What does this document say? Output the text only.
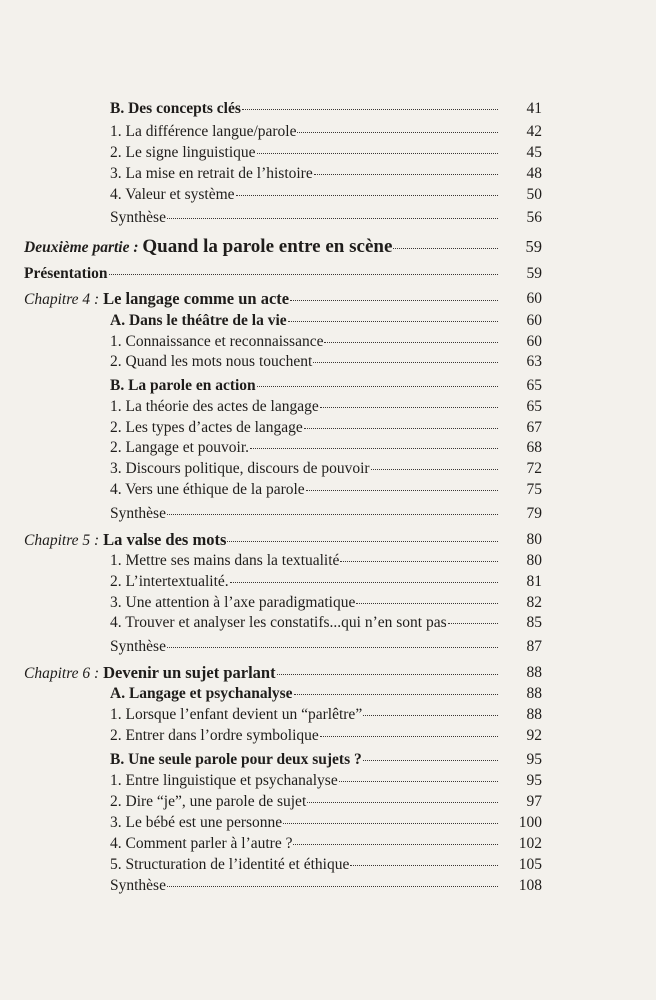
B. Des concepts clés	41
1. La différence langue/parole	42
2. Le signe linguistique	45
3. La mise en retrait de l’histoire	48
4. Valeur et système	50
Synthèse	56
Deuxième partie : Quand la parole entre en scène	59
Présentation	59
Chapitre 4 : Le langage comme un acte	60
A. Dans le théâtre de la vie	60
1. Connaissance et reconnaissance	60
2. Quand les mots nous touchent	63
B. La parole en action	65
1. La théorie des actes de langage	65
2. Les types d’actes de langage	67
2. Langage et pouvoir.	68
3. Discours politique, discours de pouvoir	72
4. Vers une éthique de la parole	75
Synthèse	79
Chapitre 5 : La valse des mots	80
1. Mettre ses mains dans la textualité	80
2. L’intertextualité.	81
3. Une attention à l’axe paradigmatique	82
4. Trouver et analyser les constatifs...qui n’en sont pas	85
Synthèse	87
Chapitre 6 : Devenir un sujet parlant	88
A. Langage et psychanalyse	88
1. Lorsque l’enfant devient un “parlêtre”	88
2. Entrer dans l’ordre symbolique	92
B. Une seule parole pour deux sujets ?	95
1. Entre linguistique et psychanalyse	95
2. Dire “je”, une parole de sujet	97
3. Le bébé est une personne	100
4. Comment parler à l’autre ?	102
5. Structuration de l’identité et éthique	105
Synthèse	108
